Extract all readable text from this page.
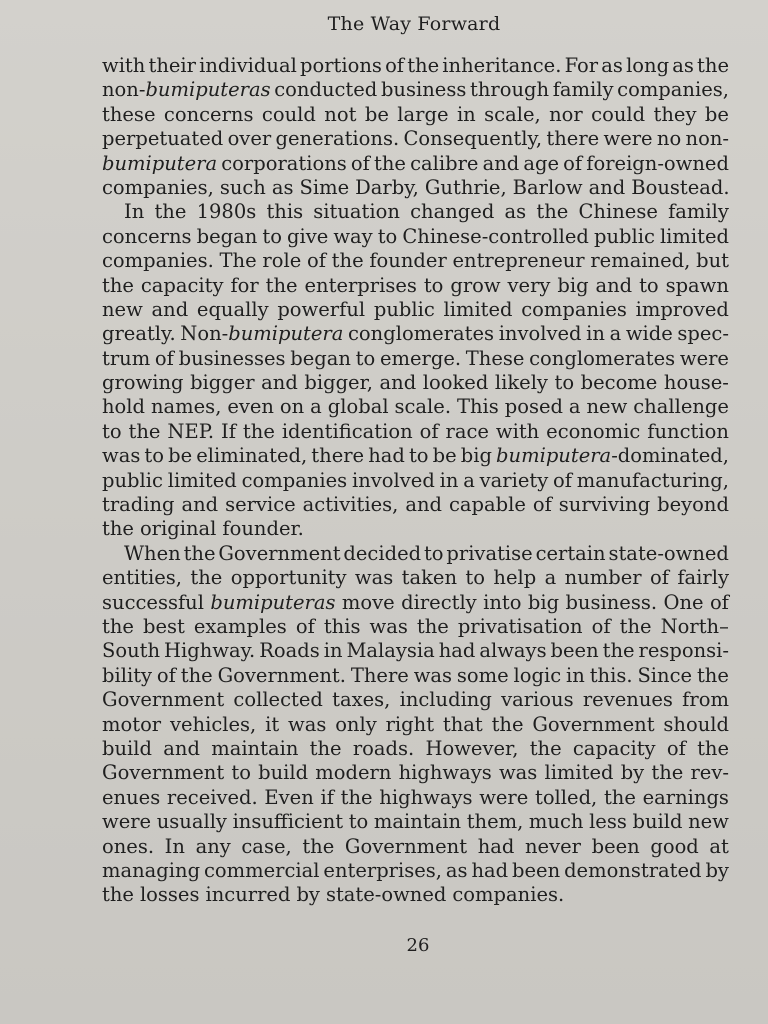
The Way Forward
with their individual portions of the inheritance. For as long as the
non-bumiputeras conducted business through family companies,
these concerns could not be large in scale, nor could they be
perpetuated over generations. Consequently, there were no non-
bumiputera corporations of the calibre and age of foreign-owned
companies, such as Sime Darby, Guthrie, Barlow and Boustead.
In the 1980s this situation changed as the Chinese family
concerns began to give way to Chinese-controlled public limited
companies. The role of the founder entrepreneur remained, but
the capacity for the enterprises to grow very big and to spawn
new and equally powerful public limited companies improved
greatly. Non-bumiputera conglomerates involved in a wide spec-
trum of businesses began to emerge. These conglomerates were
growing bigger and bigger, and looked likely to become house-
hold names, even on a global scale. This posed a new challenge
to the NEP. If the identification of race with economic function
was to be eliminated, there had to be big bumiputera-dominated,
public limited companies involved in a variety of manufacturing,
trading and service activities, and capable of surviving beyond
the original founder.
When the Government decided to privatise certain state-owned
entities, the opportunity was taken to help a number of fairly
successful bumiputeras move directly into big business. One of
the best examples of this was the privatisation of the North–
South Highway. Roads in Malaysia had always been the responsi-
bility of the Government. There was some logic in this. Since the
Government collected taxes, including various revenues from
motor vehicles, it was only right that the Government should
build and maintain the roads. However, the capacity of the
Government to build modern highways was limited by the rev-
enues received. Even if the highways were tolled, the earnings
were usually insufficient to maintain them, much less build new
ones. In any case, the Government had never been good at
managing commercial enterprises, as had been demonstrated by
the losses incurred by state-owned companies.
26
